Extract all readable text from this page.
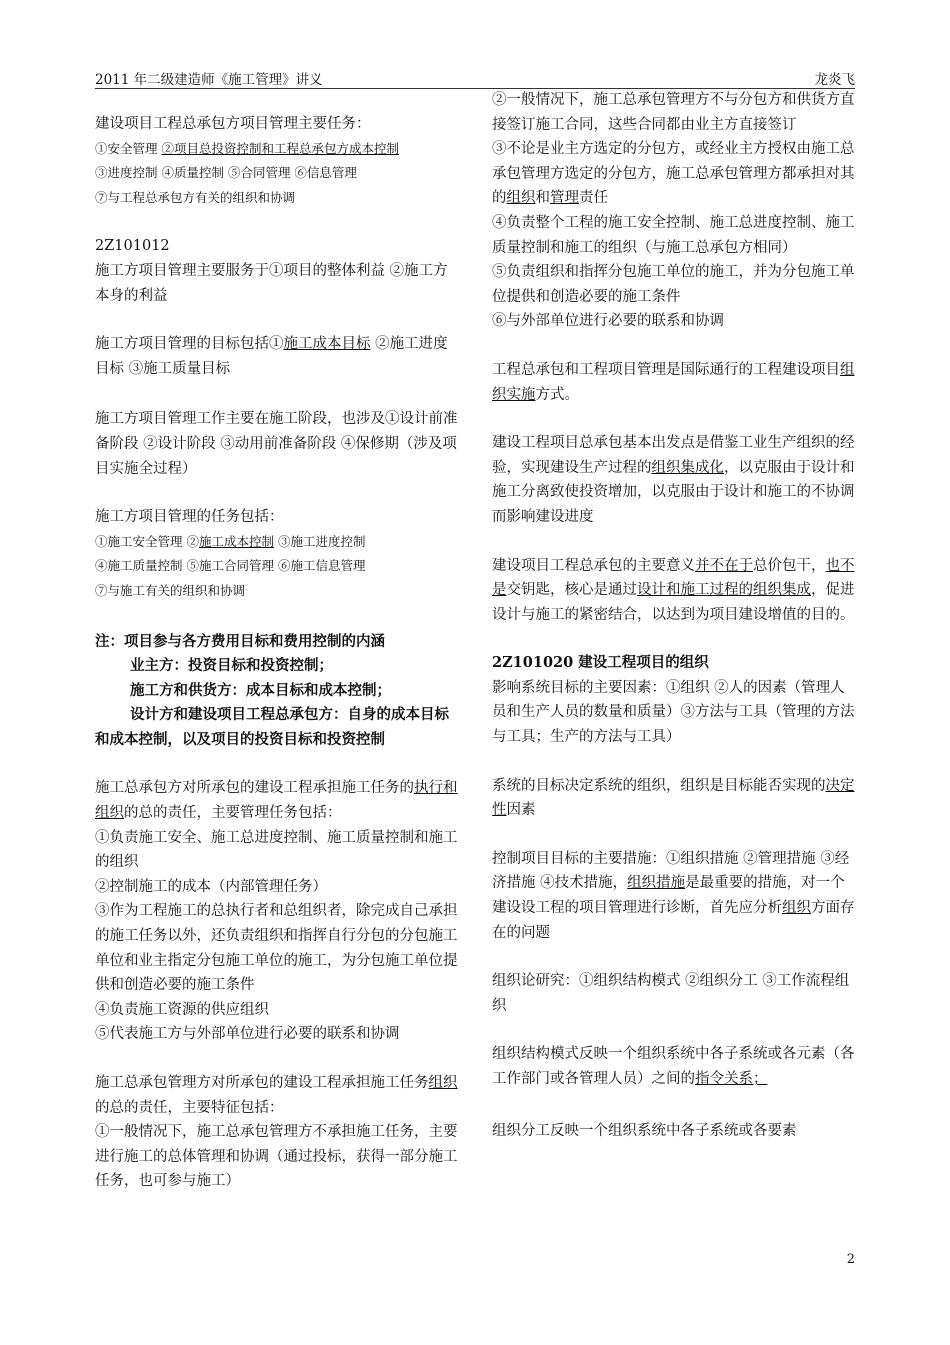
2011 年二级建造师《施工管理》讲义	龙炎飞

建设项目工程总承包方项目管理主要任务：

①安全管理 ②项目总投资控制和工程总承包方成本控制

③进度控制 ④质量控制 ⑤合同管理 ⑥信息管理

⑦与工程总承包方有关的组织和协调

2Z101012

施工方项目管理主要服务于①项目的整体利益 ②施工方本身的利益

施工方项目管理的目标包括①施工成本目标 ②施工进度目标 ③施工质量目标

施工方项目管理工作主要在施工阶段，也涉及①设计前准备阶段 ②设计阶段 ③动用前准备阶段 ④保修期（涉及项目实施全过程）

施工方项目管理的任务包括：

①施工安全管理 ②施工成本控制 ③施工进度控制

④施工质量控制 ⑤施工合同管理 ⑥施工信息管理

⑦与施工有关的组织和协调

注：项目参与各方费用目标和费用控制的内涵

业主方：投资目标和投资控制；

施工方和供货方：成本目标和成本控制；

设计方和建设项目工程总承包方：自身的成本目标和成本控制，以及项目的投资目标和投资控制

施工总承包方对所承包的建设工程承担施工任务的执行和组织的总的责任，主要管理任务包括：

①负责施工安全、施工总进度控制、施工质量控制和施工的组织

②控制施工的成本（内部管理任务）

③作为工程施工的总执行者和总组织者，除完成自己承担的施工任务以外，还负责组织和指挥自行分包的分包施工单位和业主指定分包施工单位的施工，为分包施工单位提供和创造必要的施工条件

④负责施工资源的供应组织

⑤代表施工方与外部单位进行必要的联系和协调

施工总承包管理方对所承包的建设工程承担施工任务组织的总的责任，主要特征包括：

①一般情况下，施工总承包管理方不承担施工任务，主要进行施工的总体管理和协调（通过投标，获得一部分施工任务，也可参与施工）

②一般情况下，施工总承包管理方不与分包方和供货方直接签订施工合同，这些合同都由业主方直接签订

③不论是业主方选定的分包方，或经业主方授权由施工总承包管理方选定的分包方，施工总承包管理方都承担对其的组织和管理责任

④负责整个工程的施工安全控制、施工总进度控制、施工质量控制和施工的组织（与施工总承包方相同）

⑤负责组织和指挥分包施工单位的施工，并为分包施工单位提供和创造必要的施工条件

⑥与外部单位进行必要的联系和协调

工程总承包和工程项目管理是国际通行的工程建设项目组织实施方式。

建设工程项目总承包基本出发点是借鉴工业生产组织的经验，实现建设生产过程的组织集成化，以克服由于设计和施工分离致使投资增加，以克服由于设计和施工的不协调而影响建设进度

建设项目工程总承包的主要意义并不在于总价包干，也不是交钥匙，核心是通过设计和施工过程的组织集成，促进设计与施工的紧密结合，以达到为项目建设增值的目的。

2Z101020 建设工程项目的组织

影响系统目标的主要因素：①组织 ②人的因素（管理人员和生产人员的数量和质量）③方法与工具（管理的方法与工具；生产的方法与工具）

系统的目标决定系统的组织，组织是目标能否实现的决定性因素

控制项目目标的主要措施：①组织措施 ②管理措施 ③经济措施 ④技术措施，组织措施是最重要的措施，对一个建设设工程的项目管理进行诊断，首先应分析组织方面存在的问题

组织论研究：①组织结构模式 ②组织分工 ③工作流程组织

组织结构模式反映一个组织系统中各子系统或各元素（各工作部门或各管理人员）之间的指令关系；

组织分工反映一个组织系统中各子系统或各要素

2
